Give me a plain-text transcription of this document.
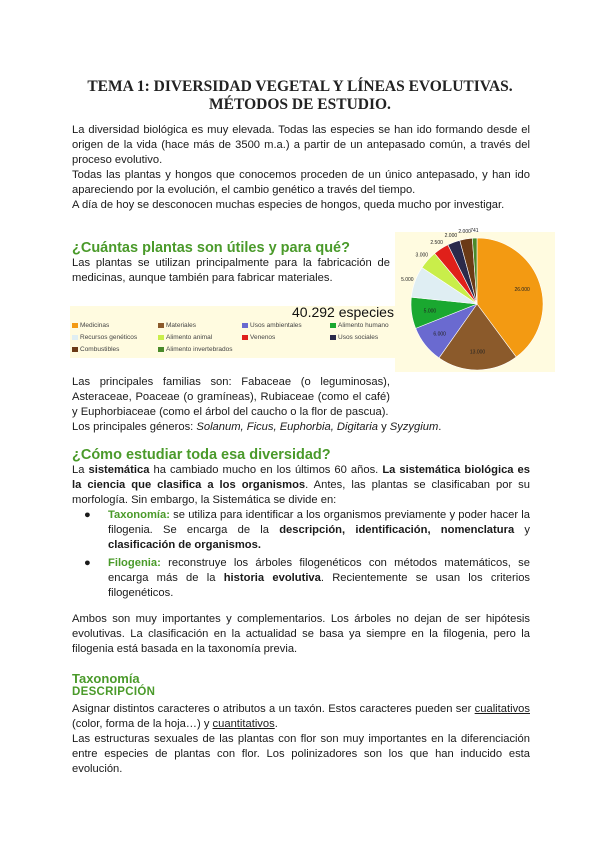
TEMA 1: DIVERSIDAD VEGETAL Y LÍNEAS EVOLUTIVAS.
MÉTODOS DE ESTUDIO.

La diversidad biológica es muy elevada. Todas las especies se han ido formando desde el origen de la vida (hace más de 3500 m.a.) a partir de un antepasado común, a través del proceso evolutivo.

Todas las plantas y hongos que conocemos proceden de un único antepasado, y han ido apareciendo por la evolución, el cambio genético a través del tiempo.

A día de hoy se desconocen muchas especies de hongos, queda mucho por investigar.

¿Cuántas plantas son útiles y para qué?

Las plantas se utilizan principalmente para la fabricación de medicinas, aunque también para fabricar materiales.

40.292 especies
Medicinas	Materiales	Usos ambientales	Alimento humano
Recursos genéticos	Alimento animal	Venenos	Usos sociales
Combustibles	Alimento invertebrados
26.000
13.000
6.000
5.000
5.000
3.000
2.500
2.000
2.000 741

Las principales familias son: Fabaceae (o leguminosas), Asteraceae, Poaceae (o gramíneas), Rubiaceae (como el café) y Euphorbiaceae (como el árbol del caucho o la flor de pascua).

Los principales géneros: Solanum, Ficus, Euphorbia, Digitaria y Syzygium.

¿Cómo estudiar toda esa diversidad?

La sistemática ha cambiado mucho en los últimos 60 años. La sistemática biológica es la ciencia que clasifica a los organismos. Antes, las plantas se clasificaban por su morfología. Sin embargo, la Sistemática se divide en:

● Taxonomía: se utiliza para identificar a los organismos previamente y poder hacer la filogenia. Se encarga de la descripción, identificación, nomenclatura y clasificación de organismos.
● Filogenia: reconstruye los árboles filogenéticos con métodos matemáticos, se encarga más de la historia evolutiva. Recientemente se usan los criterios filogenéticos.

Ambos son muy importantes y complementarios. Los árboles no dejan de ser hipótesis evolutivas. La clasificación en la actualidad se basa ya siempre en la filogenia, pero la filogenia está basada en la taxonomía previa.

Taxonomía
DESCRIPCIÓN

Asignar distintos caracteres o atributos a un taxón. Estos caracteres pueden ser cualitativos (color, forma de la hoja…) y cuantitativos.

Las estructuras sexuales de las plantas con flor son muy importantes en la diferenciación entre especies de plantas con flor. Los polinizadores son los que han inducido esta evolución.
